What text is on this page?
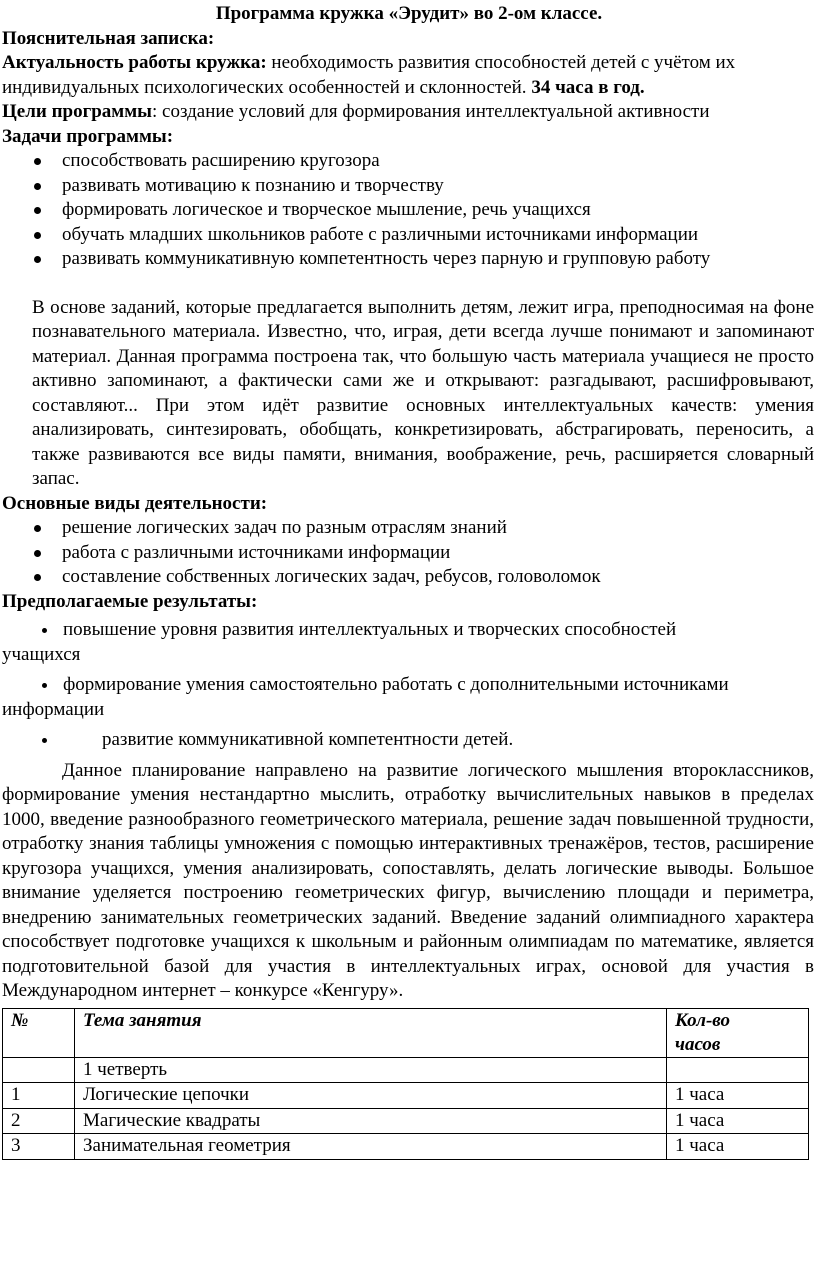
Программа кружка «Эрудит» во 2-ом классе.

Пояснительная записка:

Актуальность работы кружка: необходимость развития способностей детей с учётом их индивидуальных психологических особенностей и склонностей. 34 часа в год.

Цели программы: создание условий для формирования интеллектуальной активности

Задачи программы:

способствовать расширению кругозора
развивать мотивацию к познанию и творчеству
формировать логическое и творческое мышление, речь учащихся
обучать младших школьников работе с различными источниками информации
развивать коммуникативную компетентность через парную и групповую работу

В основе заданий, которые предлагается выполнить детям, лежит игра, преподносимая на фоне познавательного материала. Известно, что, играя, дети всегда лучше понимают и запоминают материал. Данная программа построена так, что большую часть материала учащиеся не просто активно запоминают, а фактически сами же и открывают: разгадывают, расшифровывают, составляют... При этом идёт развитие основных интеллектуальных качеств: умения анализировать, синтезировать, обобщать, конкретизировать, абстрагировать, переносить, а также развиваются все виды памяти, внимания, воображение, речь, расширяется словарный запас.

Основные виды деятельности:

решение логических задач по разным отраслям знаний
работа с различными источниками информации
составление собственных логических задач, ребусов, головоломок

Предполагаемые результаты:

повышение уровня развития интеллектуальных и творческих способностей
учащихся
формирование умения самостоятельно работать с дополнительными источниками
информации
развитие коммуникативной компетентности детей.

Данное планирование направлено на развитие логического мышления второклассников, формирование умения нестандартно мыслить, отработку вычислительных навыков в пределах 1000, введение разнообразного геометрического материала, решение задач повышенной трудности, отработку знания таблицы умножения с помощью интерактивных тренажёров, тестов, расширение кругозора учащихся, умения анализировать, сопоставлять, делать логические выводы. Большое внимание уделяется построению геометрических фигур, вычислению площади и периметра, внедрению занимательных геометрических заданий. Введение заданий олимпиадного характера способствует подготовке учащихся к школьным и районным олимпиадам по математике, является подготовительной базой для участия в интеллектуальных играх, основой для участия в Международном интернет – конкурсе «Кенгуру».

№	Тема занятия	Кол-во часов
	1 четверть	
1	Логические цепочки	1 часа
2	Магические квадраты	1 часа
3	Занимательная геометрия	1 часа
